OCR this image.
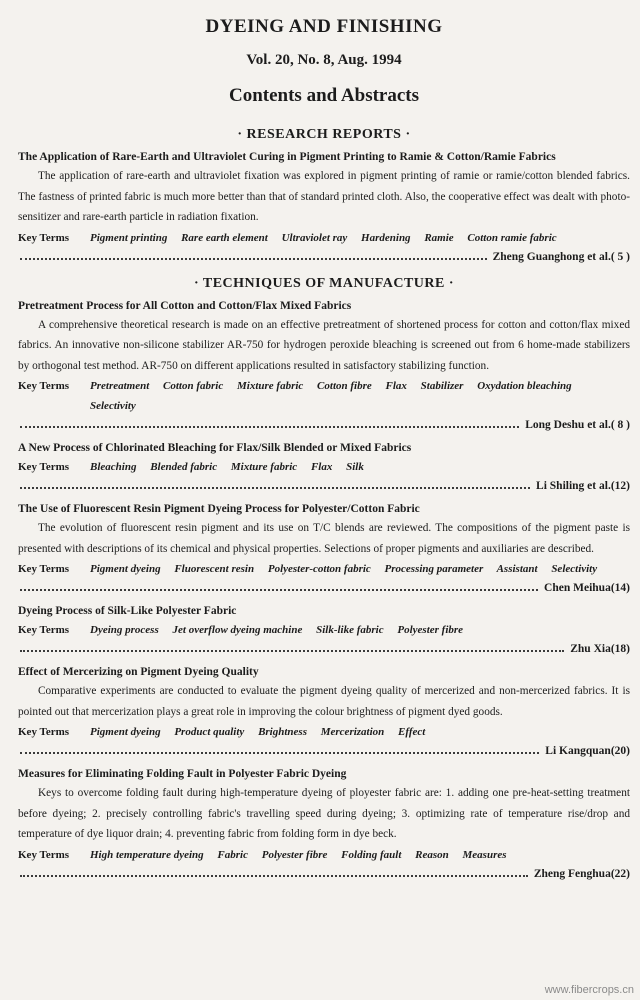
DYEING AND FINISHING
Vol. 20, No. 8, Aug. 1994
Contents and Abstracts
· RESEARCH REPORTS ·
The Application of Rare-Earth and Ultraviolet Curing in Pigment Printing to Ramie & Cotton/Ramie Fabrics
The application of rare-earth and ultraviolet fixation was explored in pigment printing of ramie or ramie/cotton blended fabrics. The fastness of printed fabric is much more better than that of standard printed cloth. Also, the cooperative effect was dealt with photo-sensitizer and rare-earth particle in radiation fixation.
Key Terms	Pigment printing Rare earth element Ultraviolet ray Hardening Ramie Cotton ramie fabric
Zheng Guanghong et al. ( 5 )
· TECHNIQUES OF MANUFACTURE ·
Pretreatment Process for All Cotton and Cotton/Flax Mixed Fabrics
A comprehensive theoretical research is made on an effective pretreatment of shortened process for cotton and cotton/flax mixed fabrics. An innovative non-silicone stabilizer AR-750 for hydrogen peroxide bleaching is screened out from 6 home-made stabilizers by orthogonal test method. AR-750 on different applications resulted in satisfactory stabilizing function.
Key Terms	Pretreatment Cotton fabric Mixture fabric Cotton fibre Flax Stabilizer Oxydation bleaching Selectivity
Long Deshu et al. ( 8 )
A New Process of Chlorinated Bleaching for Flax/Silk Blended or Mixed Fabrics
Key Terms	Bleaching Blended fabric Mixture fabric Flax Silk
Li Shiling et al. (12)
The Use of Fluorescent Resin Pigment Dyeing Process for Polyester/Cotton Fabric
The evolution of fluorescent resin pigment and its use on T/C blends are reviewed. The compositions of the pigment paste is presented with descriptions of its chemical and physical properties. Selections of proper pigments and auxiliaries are described.
Key Terms	Pigment dyeing Fluorescent resin Polyester-cotton fabric Processing parameter Assistant Selectivity
Chen Meihua (14)
Dyeing Process of Silk-Like Polyester Fabric
Key Terms	Dyeing process Jet overflow dyeing machine Silk-like fabric Polyester fibre
Zhu Xia (18)
Effect of Mercerizing on Pigment Dyeing Quality
Comparative experiments are conducted to evaluate the pigment dyeing quality of mercerized and non-mercerized fabrics. It is pointed out that mercerization plays a great role in improving the colour brightness of pigment dyed goods.
Key Terms	Pigment dyeing Product quality Brightness Mercerization Effect
Li Kangquan (20)
Measures for Eliminating Folding Fault in Polyester Fabric Dyeing
Keys to overcome folding fault during high-temperature dyeing of ployester fabric are: 1. adding one pre-heat-setting treatment before dyeing; 2. precisely controlling fabric's travelling speed during dyeing; 3. optimizing rate of temperature rise/drop and temperature of dye liquor drain; 4. preventing fabric from folding form in dye beck.
Key Terms	High temperature dyeing Fabric Polyester fibre Folding fault Reason Measures
Zheng Fenghua (22)
www.fibercrops.cn
